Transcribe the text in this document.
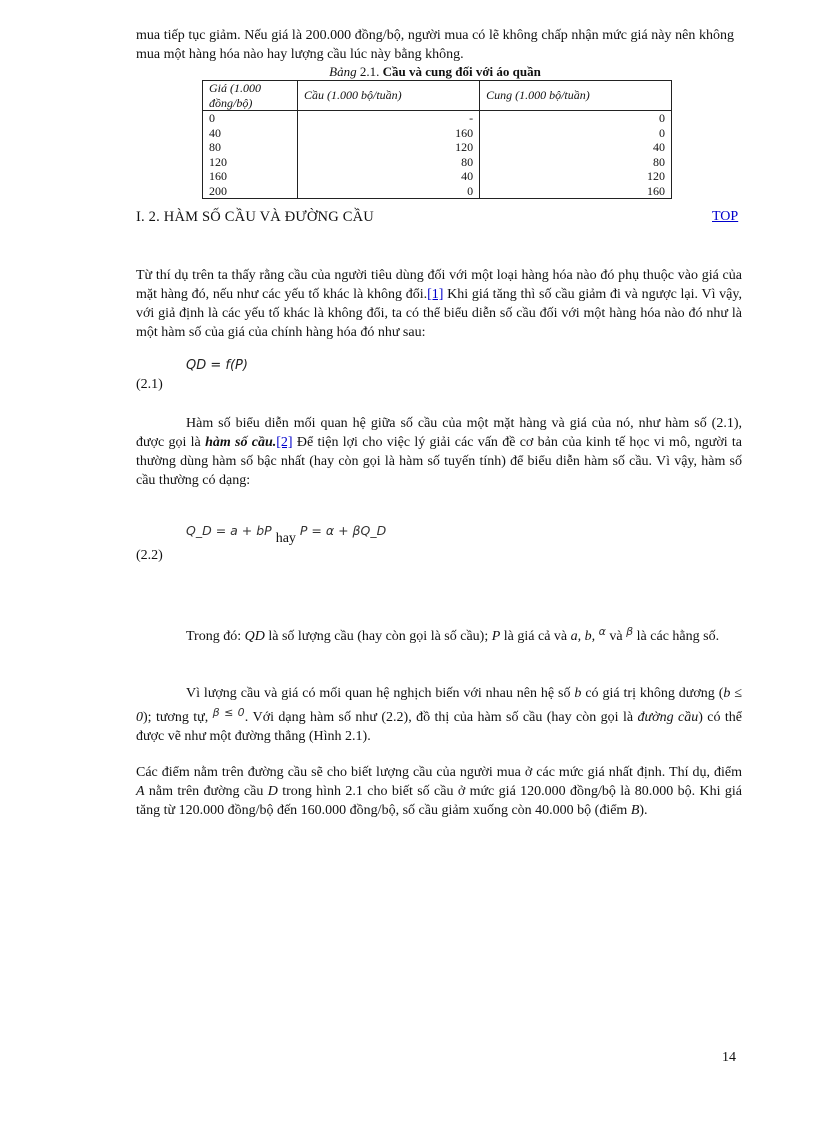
mua tiếp tục giảm. Nếu giá là 200.000 đồng/bộ, người mua có lẽ không chấp nhận mức giá này nên không mua một hàng hóa nào hay lượng cầu lúc này bằng không.
Bảng 2.1. Cầu và cung đối với áo quần
Giá (1.000 đồng/bộ)	Cầu (1.000 bộ/tuần)	Cung (1.000 bộ/tuần)
0	-	0
40	160	0
80	120	40
120	80	80
160	40	120
200	0	160
I. 2. HÀM SỐ CẦU VÀ ĐƯỜNG CẦU	TOP
Từ thí dụ trên ta thấy rằng cầu của người tiêu dùng đối với một loại hàng hóa nào đó phụ thuộc vào giá của mặt hàng đó, nếu như các yếu tố khác là không đổi.[1] Khi giá tăng thì số cầu giảm đi và ngược lại. Vì vậy, với giả định là các yếu tố khác là không đổi, ta có thể biểu diễn số cầu đối với một hàng hóa nào đó như là một hàm số của giá của chính hàng hóa đó như sau:
QD = f(P)
(2.1)
Hàm số biểu diễn mối quan hệ giữa số cầu của một mặt hàng và giá của nó, như hàm số (2.1), được gọi là hàm số cầu.[2] Để tiện lợi cho việc lý giải các vấn đề cơ bản của kinh tế học vi mô, người ta thường dùng hàm số bậc nhất (hay còn gọi là hàm số tuyến tính) để biểu diễn hàm số cầu. Vì vậy, hàm số cầu thường có dạng:
Q_D = a + bPhayP = α + βQ_D
(2.2)
Trong đó: QD là số lượng cầu (hay còn gọi là số cầu); P là giá cả và a, b, $^\alpha$ và $^\beta$ là các hằng số.
Vì lượng cầu và giá có mối quan hệ nghịch biến với nhau nên hệ số b có giá trị không dương (b ≤ 0); tương tự, $^{\beta \le 0}$. Với dạng hàm số như (2.2), đồ thị của hàm số cầu (hay còn gọi là đường cầu) có thể được vẽ như một đường thẳng (Hình 2.1).
Các điểm nằm trên đường cầu sẽ cho biết lượng cầu của người mua ở các mức giá nhất định. Thí dụ, điểm A nằm trên đường cầu D trong hình 2.1 cho biết số cầu ở mức giá 120.000 đồng/bộ là 80.000 bộ. Khi giá tăng từ 120.000 đồng/bộ đến 160.000 đồng/bộ, số cầu giảm xuống còn 40.000 bộ (điểm B).
14
